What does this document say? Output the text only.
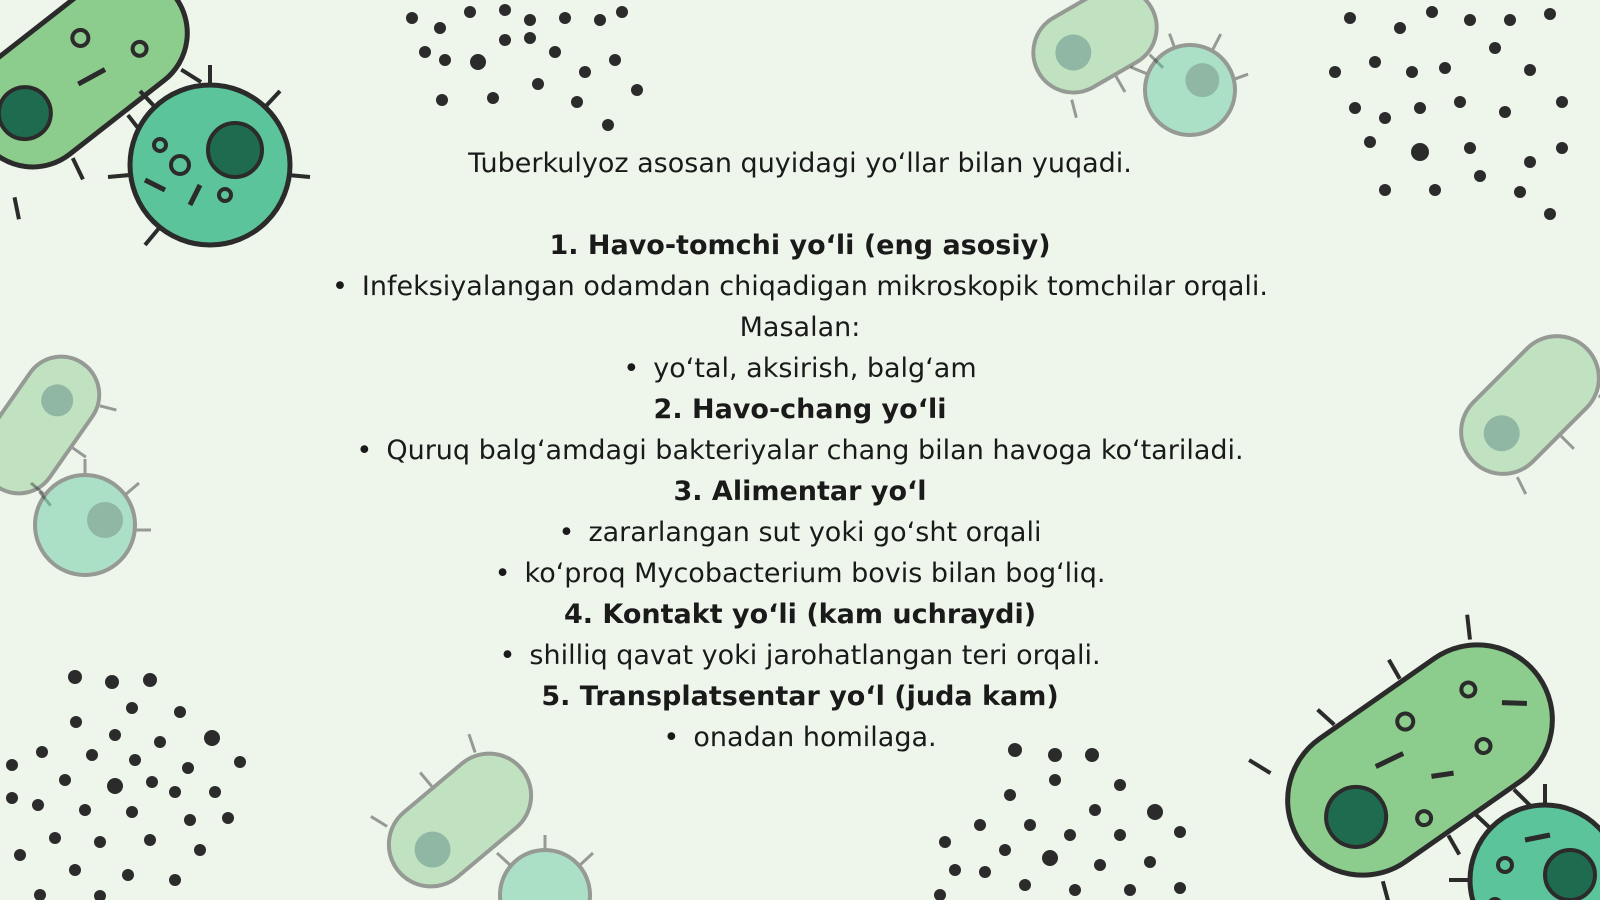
Tuberkulyoz asosan quyidagi yo‘llar bilan yuqadi.
1. Havo-tomchi yo‘li (eng asosiy)
• Infeksiyalangan odamdan chiqadigan mikroskopik tomchilar orqali.
Masalan:
• yo‘tal, aksirish, balg‘am
2. Havo-chang yo‘li
• Quruq balg‘amdagi bakteriyalar chang bilan havoga ko‘tariladi.
3. Alimentar yo‘l
• zararlangan sut yoki go‘sht orqali
• ko‘proq Mycobacterium bovis bilan bog‘liq.
4. Kontakt yo‘li (kam uchraydi)
• shilliq qavat yoki jarohatlangan teri orqali.
5. Transplatsentar yo‘l (juda kam)
• onadan homilaga.
